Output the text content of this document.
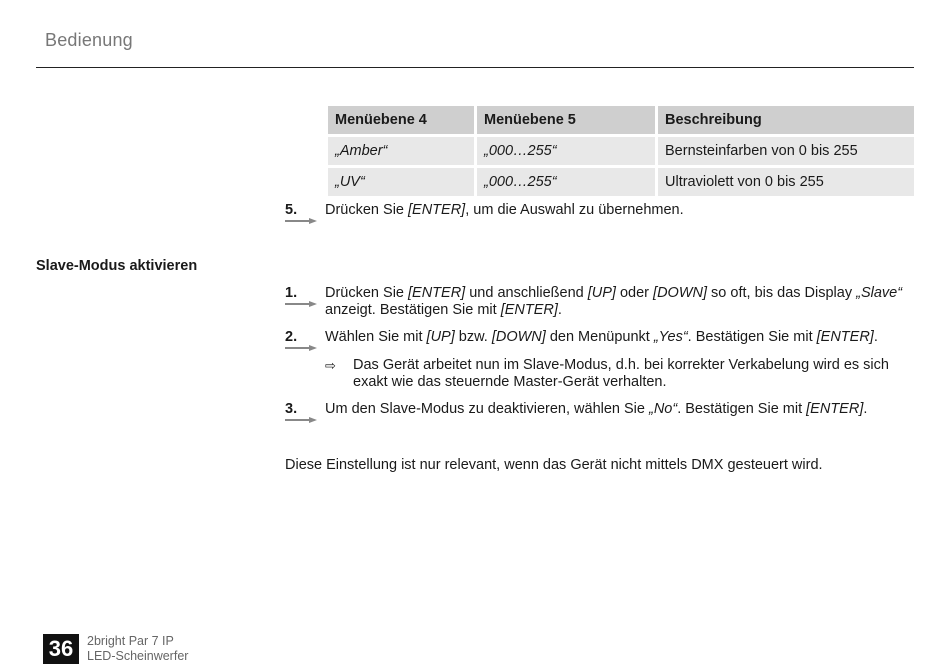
Bedienung
Menüebene 4	Menüebene 5	Beschreibung
„Amber“	„000…255“	Bernsteinfarben von 0 bis 255
„UV“	„000…255“	Ultraviolett von 0 bis 255
5.	Drücken Sie [ENTER], um die Auswahl zu übernehmen.
Slave-Modus aktivieren
1.	Drücken Sie [ENTER] und anschließend [UP] oder [DOWN] so oft, bis das Display „Slave“ anzeigt. Bestätigen Sie mit [ENTER].
2.	Wählen Sie mit [UP] bzw. [DOWN] den Menüpunkt „Yes“. Bestätigen Sie mit [ENTER].
⇨ Das Gerät arbeitet nun im Slave-Modus, d.h. bei korrekter Verkabelung wird es sich exakt wie das steuernde Master-Gerät verhalten.
3.	Um den Slave-Modus zu deaktivieren, wählen Sie „No“. Bestätigen Sie mit [ENTER].
Diese Einstellung ist nur relevant, wenn das Gerät nicht mittels DMX gesteuert wird.
36	2bright Par 7 IP
LED-Scheinwerfer
